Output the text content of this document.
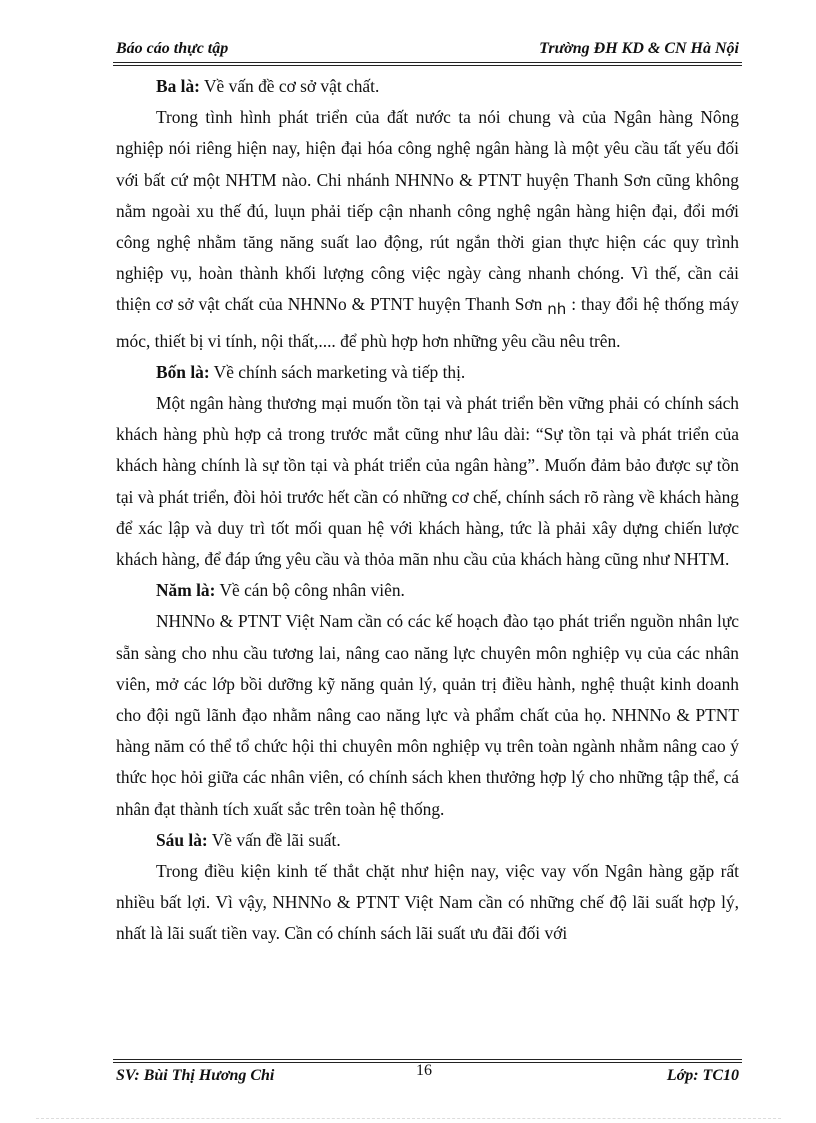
Báo cáo thực tập	Trường ĐH KD & CN Hà Nội

Ba là: Về vấn đề cơ sở vật chất.

Trong tình hình phát triển của đất nước ta nói chung và của Ngân hàng Nông nghiệp nói riêng hiện nay, hiện đại hóa công nghệ ngân hàng là một yêu cầu tất yếu đối với bất cứ một NHTM nào. Chi nhánh NHNNo & PTNT huyện Thanh Sơn cũng không nằm ngoài xu thế đú, luụn phải tiếp cận nhanh công nghệ ngân hàng hiện đại, đổi mới công nghệ nhằm tăng năng suất lao động, rút ngắn thời gian thực hiện các quy trình nghiệp vụ, hoàn thành khối lượng công việc ngày càng nhanh chóng. Vì thế, cần cải thiện cơ sở vật chất của NHNNo & PTNT huyện Thanh Sơn nh : thay đổi hệ thống máy móc, thiết bị vi tính, nội thất,.... để phù hợp hơn những yêu cầu nêu trên.

Bốn là: Về chính sách marketing và tiếp thị.

Một ngân hàng thương mại muốn tồn tại và phát triển bền vững phải có chính sách khách hàng phù hợp cả trong trước mắt cũng như lâu dài: “Sự tồn tại và phát triển của khách hàng chính là sự tồn tại và phát triển của ngân hàng”. Muốn đảm bảo được sự tồn tại và phát triển, đòi hỏi trước hết cần có những cơ chế, chính sách rõ ràng về khách hàng để xác lập và duy trì tốt mối quan hệ với khách hàng, tức là phải xây dựng chiến lược khách hàng, để đáp ứng yêu cầu và thỏa mãn nhu cầu của khách hàng cũng như NHTM.

Năm là: Về cán bộ công nhân viên.

NHNNo & PTNT Việt Nam cần có các kế hoạch đào tạo phát triển nguồn nhân lực sẵn sàng cho nhu cầu tương lai, nâng cao năng lực chuyên môn nghiệp vụ của các nhân viên, mở các lớp bồi dưỡng kỹ năng quản lý, quản trị điều hành, nghệ thuật kinh doanh cho đội ngũ lãnh đạo nhằm nâng cao năng lực và phẩm chất của họ. NHNNo & PTNT hàng năm có thể tổ chức hội thi chuyên môn nghiệp vụ trên toàn ngành nhằm nâng cao ý thức học hỏi giữa các nhân viên, có chính sách khen thưởng hợp lý cho những tập thể, cá nhân đạt thành tích xuất sắc trên toàn hệ thống.

Sáu là: Về vấn đề lãi suất.

Trong điều kiện kinh tế thắt chặt như hiện nay, việc vay vốn Ngân hàng gặp rất nhiều bất lợi. Vì vậy, NHNNo & PTNT Việt Nam cần có những chế độ lãi suất hợp lý, nhất là lãi suất tiền vay. Cần có chính sách lãi suất ưu đãi đối với

SV: Bùi Thị Hương Chi	16	Lớp: TC10
